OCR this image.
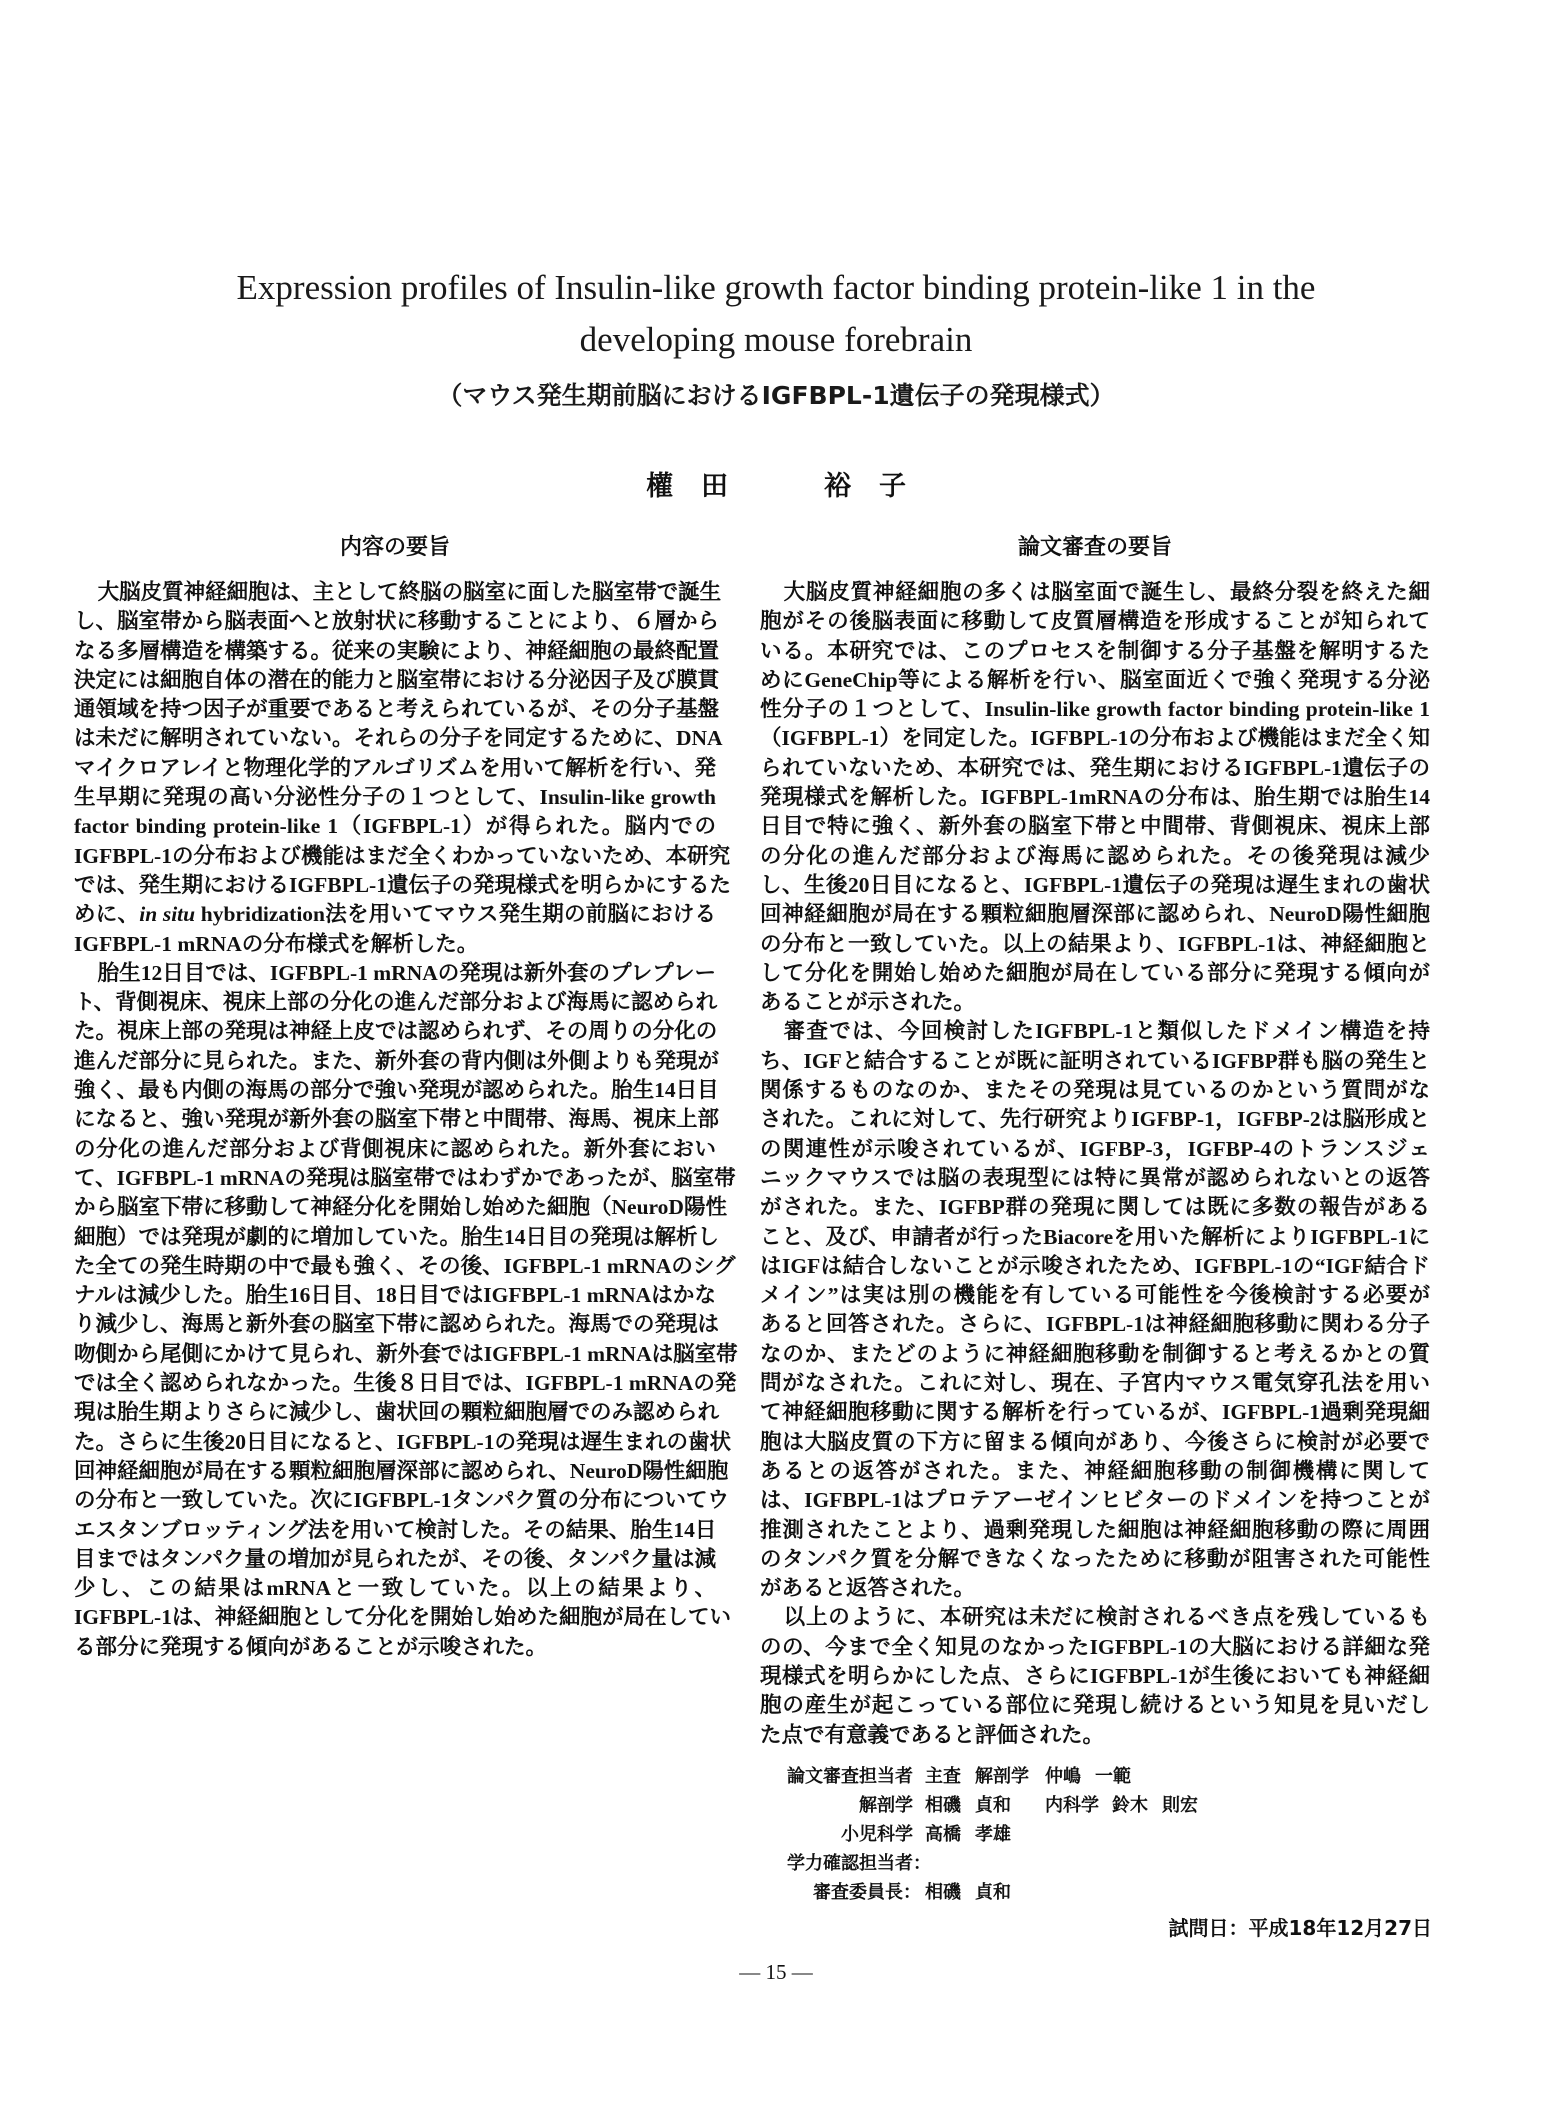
Expression profiles of Insulin-like growth factor binding protein-like 1 in the
developing mouse forebrain
（マウス発生期前脳におけるIGFBPL-1遺伝子の発現様式）
權 田	裕 子
内容の要旨	論文審査の要旨
大脳皮質神経細胞は、主として終脳の脳室に面した脳室帯で誕生
し、脳室帯から脳表面へと放射状に移動することにより、６層から
なる多層構造を構築する。従来の実験により、神経細胞の最終配置
決定には細胞自体の潜在的能力と脳室帯における分泌因子及び膜貫
通領域を持つ因子が重要であると考えられているが、その分子基盤
は未だに解明されていない。それらの分子を同定するために、DNA
マイクロアレイと物理化学的アルゴリズムを用いて解析を行い、発
生早期に発現の高い分泌性分子の１つとして、Insulin-like growth
factor binding protein-like 1（IGFBPL-1）が得られた。脳内での
IGFBPL-1の分布および機能はまだ全くわかっていないため、本研究
では、発生期におけるIGFBPL-1遺伝子の発現様式を明らかにするた
めに、in situ hybridization法を用いてマウス発生期の前脳における
IGFBPL-1 mRNAの分布様式を解析した。
胎生12日目では、IGFBPL-1 mRNAの発現は新外套のプレプレー
ト、背側視床、視床上部の分化の進んだ部分および海馬に認められ
た。視床上部の発現は神経上皮では認められず、その周りの分化の
進んだ部分に見られた。また、新外套の背内側は外側よりも発現が
強く、最も内側の海馬の部分で強い発現が認められた。胎生14日目
になると、強い発現が新外套の脳室下帯と中間帯、海馬、視床上部
の分化の進んだ部分および背側視床に認められた。新外套におい
て、IGFBPL-1 mRNAの発現は脳室帯ではわずかであったが、脳室帯
から脳室下帯に移動して神経分化を開始し始めた細胞（NeuroD陽性
細胞）では発現が劇的に増加していた。胎生14日目の発現は解析し
た全ての発生時期の中で最も強く、その後、IGFBPL-1 mRNAのシグ
ナルは減少した。胎生16日目、18日目ではIGFBPL-1 mRNAはかな
り減少し、海馬と新外套の脳室下帯に認められた。海馬での発現は
吻側から尾側にかけて見られ、新外套ではIGFBPL-1 mRNAは脳室帯
では全く認められなかった。生後８日目では、IGFBPL-1 mRNAの発
現は胎生期よりさらに減少し、歯状回の顆粒細胞層でのみ認められ
た。さらに生後20日目になると、IGFBPL-1の発現は遅生まれの歯状
回神経細胞が局在する顆粒細胞層深部に認められ、NeuroD陽性細胞
の分布と一致していた。次にIGFBPL-1タンパク質の分布についてウ
エスタンブロッティング法を用いて検討した。その結果、胎生14日
目まではタンパク量の増加が見られたが、その後、タンパク量は減
少し、この結果はmRNAと一致していた。以上の結果より、
IGFBPL-1は、神経細胞として分化を開始し始めた細胞が局在してい
る部分に発現する傾向があることが示唆された。
大脳皮質神経細胞の多くは脳室面で誕生し、最終分裂を終えた細
胞がその後脳表面に移動して皮質層構造を形成することが知られて
いる。本研究では、このプロセスを制御する分子基盤を解明するた
めにGeneChip等による解析を行い、脳室面近くで強く発現する分泌
性分子の１つとして、Insulin-like growth factor binding protein-like 1
（IGFBPL-1）を同定した。IGFBPL-1の分布および機能はまだ全く知
られていないため、本研究では、発生期におけるIGFBPL-1遺伝子の
発現様式を解析した。IGFBPL-1mRNAの分布は、胎生期では胎生14
日目で特に強く、新外套の脳室下帯と中間帯、背側視床、視床上部
の分化の進んだ部分および海馬に認められた。その後発現は減少
し、生後20日目になると、IGFBPL-1遺伝子の発現は遅生まれの歯状
回神経細胞が局在する顆粒細胞層深部に認められ、NeuroD陽性細胞
の分布と一致していた。以上の結果より、IGFBPL-1は、神経細胞と
して分化を開始し始めた細胞が局在している部分に発現する傾向が
あることが示された。
審査では、今回検討したIGFBPL-1と類似したドメイン構造を持
ち、IGFと結合することが既に証明されているIGFBP群も脳の発生と
関係するものなのか、またその発現は見ているのかという質問がな
された。これに対して、先行研究よりIGFBP-1，IGFBP-2は脳形成と
の関連性が示唆されているが、IGFBP-3，IGFBP-4のトランスジェ
ニックマウスでは脳の表現型には特に異常が認められないとの返答
がされた。また、IGFBP群の発現に関しては既に多数の報告がある
こと、及び、申請者が行ったBiacoreを用いた解析によりIGFBPL-1に
はIGFは結合しないことが示唆されたため、IGFBPL-1の“IGF結合ド
メイン”は実は別の機能を有している可能性を今後検討する必要が
あると回答された。さらに、IGFBPL-1は神経細胞移動に関わる分子
なのか、またどのように神経細胞移動を制御すると考えるかとの質
問がなされた。これに対し、現在、子宮内マウス電気穿孔法を用い
て神経細胞移動に関する解析を行っているが、IGFBPL-1過剰発現細
胞は大脳皮質の下方に留まる傾向があり、今後さらに検討が必要で
あるとの返答がされた。また、神経細胞移動の制御機構に関して
は、IGFBPL-1はプロテアーゼインヒビターのドメインを持つことが
推測されたことより、過剰発現した細胞は神経細胞移動の際に周囲
のタンパク質を分解できなくなったために移動が阻害された可能性
があると返答された。
以上のように、本研究は未だに検討されるべき点を残しているも
のの、今まで全く知見のなかったIGFBPL-1の大脳における詳細な発
現様式を明らかにした点、さらにIGFBPL-1が生後においても神経細
胞の産生が起こっている部位に発現し続けるという知見を見いだし
た点で有意義であると評価された。
論文審査担当者 主査 解剖学 仲嶋 一範
解剖学 相磯 貞和 内科学 鈴木 則宏
小児科学 高橋 孝雄
学力確認担当者：
審査委員長： 相磯 貞和
試問日：平成18年12月27日
— 15 —
